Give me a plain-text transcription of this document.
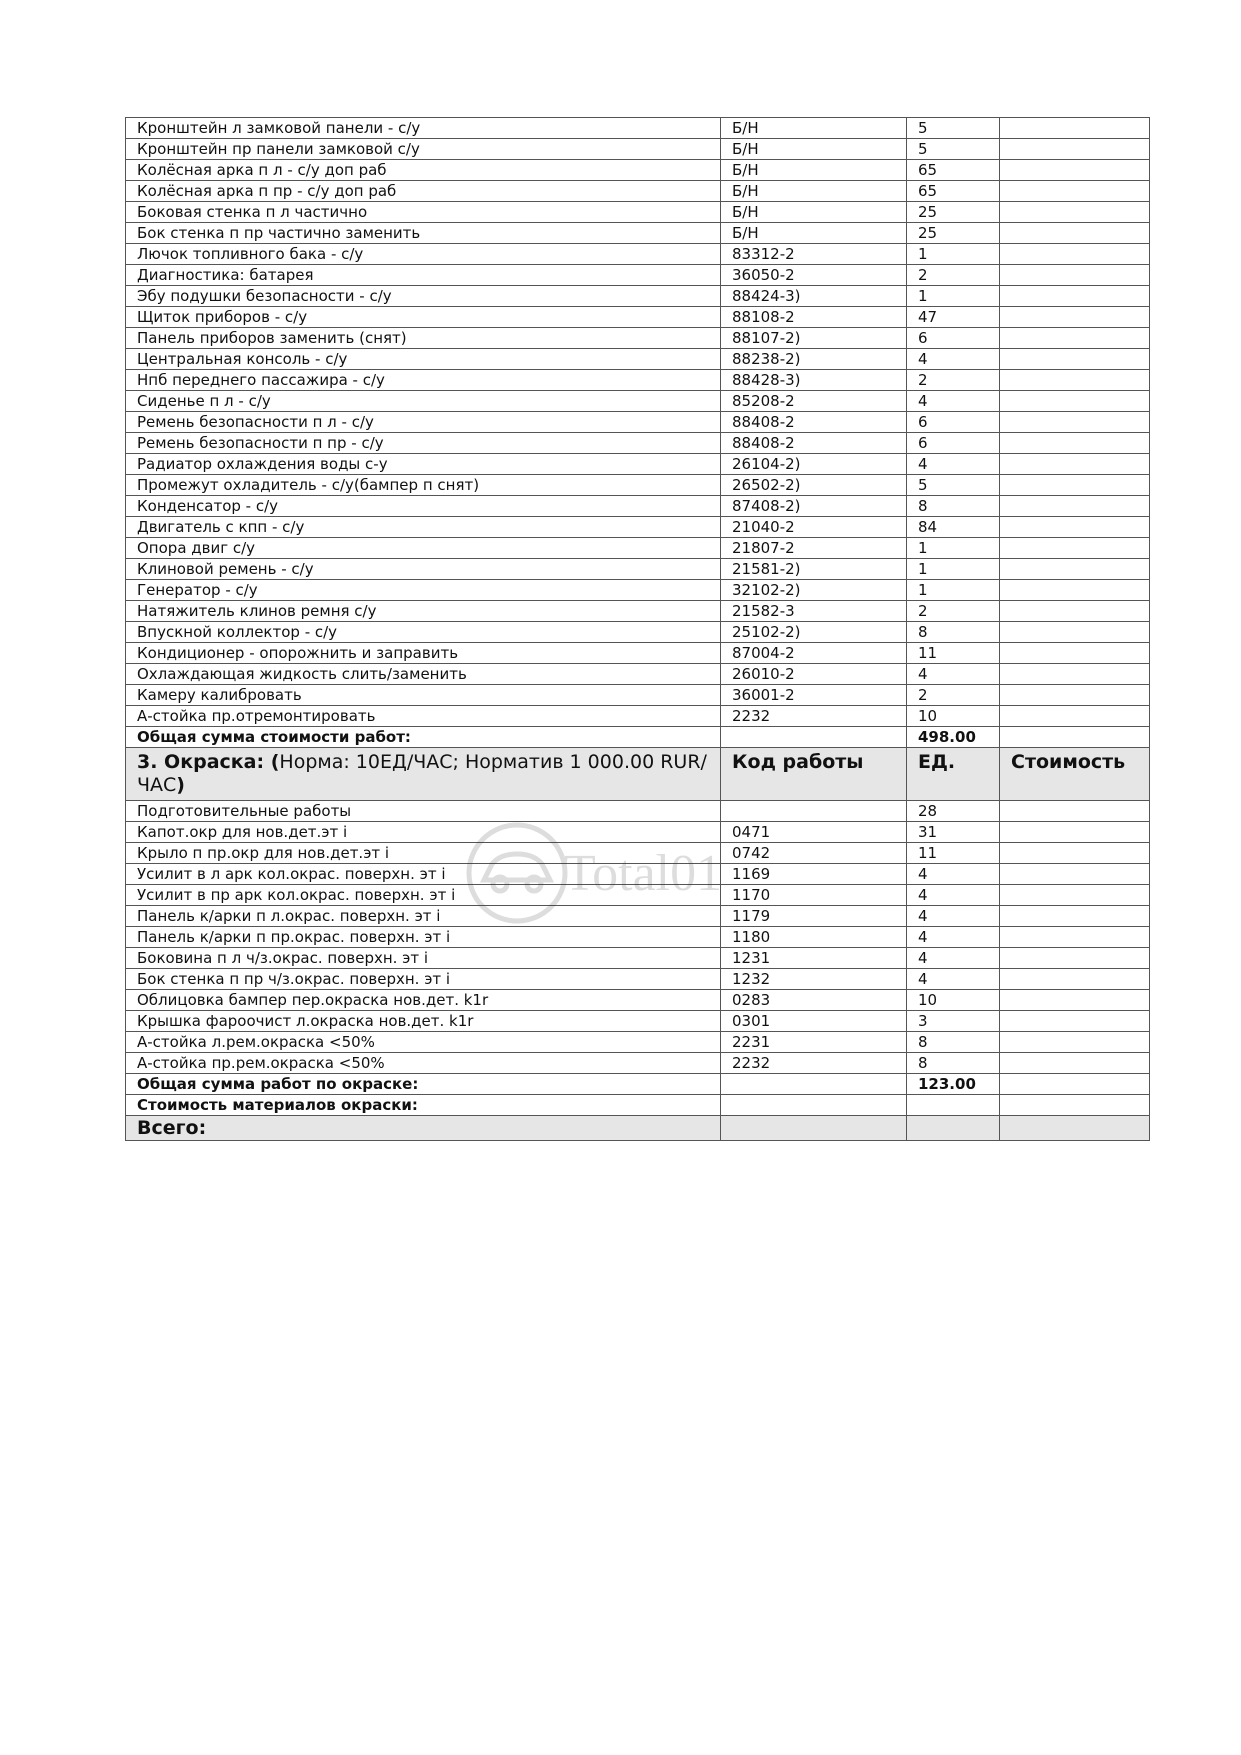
Кронштейн л замковой панели - с/у	Б/Н	5	
Кронштейн пр панели замковой с/у	Б/Н	5	
Колёсная арка п л - с/у доп раб	Б/Н	65	
Колёсная арка п пр - с/у доп раб	Б/Н	65	
Боковая стенка п л частично	Б/Н	25	
Бок стенка п пр частично заменить	Б/Н	25	
Лючок топливного бака - с/у	83312-2	1	
Диагностика: батарея	36050-2	2	
Эбу подушки безопасности - с/у	88424-3)	1	
Щиток приборов - с/у	88108-2	47	
Панель приборов заменить (снят)	88107-2)	6	
Центральная консоль - с/у	88238-2)	4	
Нпб переднего пассажира - с/у	88428-3)	2	
Сиденье п л - с/у	85208-2	4	
Ремень безопасности п л - с/у	88408-2	6	
Ремень безопасности п пр - с/у	88408-2	6	
Радиатор охлаждения воды с-у	26104-2)	4	
Промежут охладитель - с/у(бампер п снят)	26502-2)	5	
Конденсатор - с/у	87408-2)	8	
Двигатель с кпп - с/у	21040-2	84	
Опора двиг с/у	21807-2	1	
Клиновой ремень - с/у	21581-2)	1	
Генератор - с/у	32102-2)	1	
Натяжитель клинов ремня с/у	21582-3	2	
Впускной коллектор - с/у	25102-2)	8	
Кондиционер - опорожнить и заправить	87004-2	11	
Охлаждающая жидкость слить/заменить	26010-2	4	
Камеру калибровать	36001-2	2	
А-стойка пр.отремонтировать	2232	10	
Общая сумма стоимости работ:		498.00	
3. Окраска: (Норма: 10ЕД/ЧАС; Норматив 1 000.00 RUR/ЧАС)	Код работы	ЕД.	Стоимость
Подготовительные работы		28	
Капот.окр для нов.дет.эт i	0471	31	
Крыло п пр.окр для нов.дет.эт i	0742	11	
Усилит в л арк кол.окрас. поверхн. эт i	1169	4	
Усилит в пр арк кол.окрас. поверхн. эт i	1170	4	
Панель к/арки п л.окрас. поверхн. эт i	1179	4	
Панель к/арки п пр.окрас. поверхн. эт i	1180	4	
Боковина п л ч/з.окрас. поверхн. эт i	1231	4	
Бок стенка п пр ч/з.окрас. поверхн. эт i	1232	4	
Облицовка бампер пер.окраска нов.дет. k1r	0283	10	
Крышка фароочист л.окраска нов.дет. k1r	0301	3	
А-стойка л.рем.окраска <50%	2231	8	
А-стойка пр.рем.окраска <50%	2232	8	
Общая сумма работ по окраске:		123.00	
Стоимость материалов окраски:			
Всего:			
Total01
